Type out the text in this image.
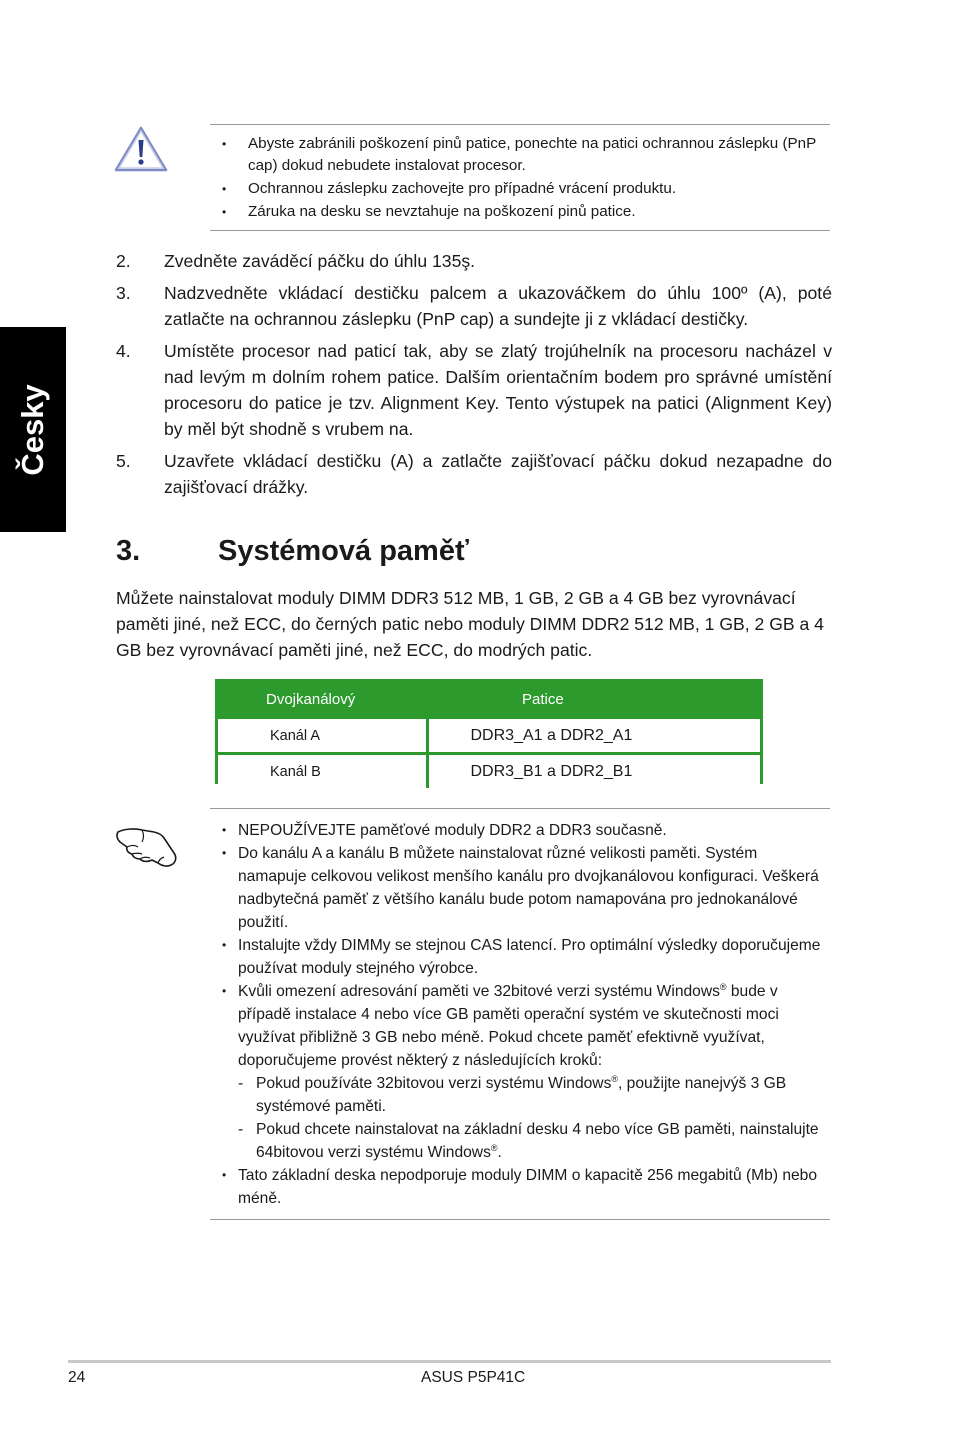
Česky
• Abyste zabránili poškození pinů patice, ponechte na patici ochrannou záslepku (PnP cap) dokud nebudete instalovat procesor.
• Ochrannou záslepku zachovejte pro případné vrácení produktu.
• Záruka na desku se nevztahuje na poškození pinů patice.
2. Zvedněte zaváděcí páčku do úhlu 135ş.
3. Nadzvedněte vkládací destičku palcem a ukazováčkem do úhlu 100º (A), poté zatlačte na ochrannou záslepku (PnP cap) a sundejte ji z vkládací destičky.
4. Umístěte procesor nad paticí tak, aby se zlatý trojúhelník na procesoru nacházel v nad levým m dolním rohem patice. Dalším orientačním bodem pro správné umístění procesoru do patice je tzv. Alignment Key. Tento výstupek na patici (Alignment Key) by měl být shodně s vrubem na.
5. Uzavřete vkládací destičku (A) a zatlačte zajišťovací páčku dokud nezapadne do zajišťovací drážky.
3.	Systémová paměť

Můžete nainstalovat moduly DIMM DDR3 512 MB, 1 GB, 2 GB a 4 GB bez vyrovnávací paměti jiné, než ECC, do černých patic nebo moduly DIMM DDR2 512 MB, 1 GB, 2 GB a 4 GB bez vyrovnávací paměti jiné, než ECC, do modrých patic.

Dvojkanálový	Patice
Kanál A	DDR3_A1 a DDR2_A1
Kanál B	DDR3_B1 a DDR2_B1
• NEPOUŽÍVEJTE paměťové moduly DDR2 a DDR3 současně.
• Do kanálu A a kanálu B můžete nainstalovat různé velikosti paměti. Systém namapuje celkovou velikost menšího kanálu pro dvojkanálovou konfiguraci. Veškerá nadbytečná paměť z většího kanálu bude potom namapována pro jednokanálové použití.
• Instalujte vždy DIMMy se stejnou CAS latencí. Pro optimální výsledky doporučujeme používat moduly stejného výrobce.
• Kvůli omezení adresování paměti ve 32bitové verzi systému Windows® bude v případě instalace 4 nebo více GB paměti operační systém ve skutečnosti moci využívat přibližně 3 GB nebo méně. Pokud chcete paměť efektivně využívat, doporučujeme provést některý z následujících kroků:
- Pokud používáte 32bitovou verzi systému Windows®, použijte nanejvýš 3 GB systémové paměti.
- Pokud chcete nainstalovat na základní desku 4 nebo více GB paměti, nainstalujte 64bitovou verzi systému Windows®.
• Tato základní deska nepodporuje moduly DIMM o kapacitě 256 megabitů (Mb) nebo méně.
24	ASUS P5P41C
